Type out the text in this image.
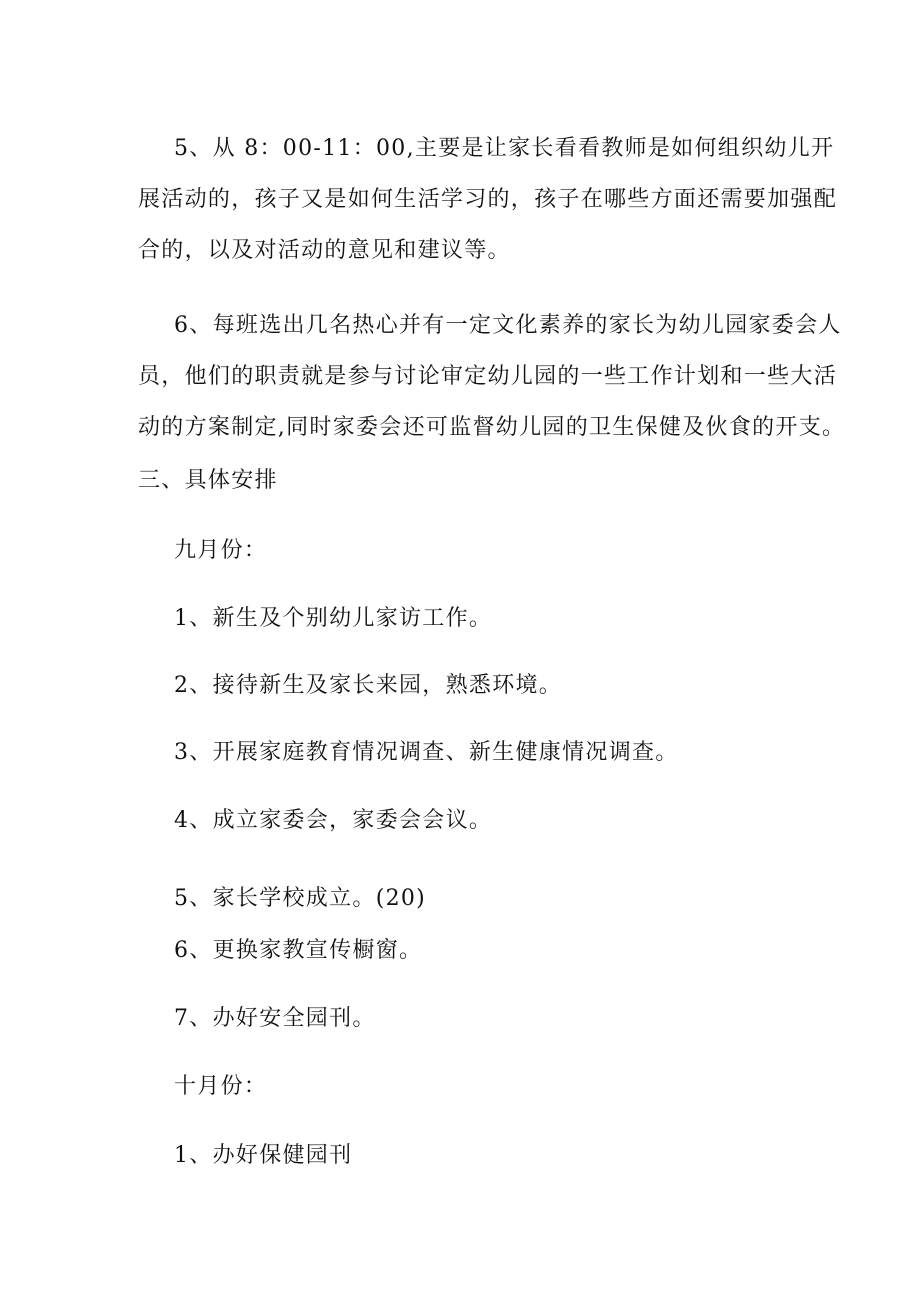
5、从 8：00-11：00,主要是让家长看看教师是如何组织幼儿开
展活动的，孩子又是如何生活学习的，孩子在哪些方面还需要加强配
合的，以及对活动的意见和建议等。
6、每班选出几名热心并有一定文化素养的家长为幼儿园家委会人
员，他们的职责就是参与讨论审定幼儿园的一些工作计划和一些大活
动的方案制定,同时家委会还可监督幼儿园的卫生保健及伙食的开支。

三、具体安排

九月份：

1、新生及个别幼儿家访工作。

2、接待新生及家长来园，熟悉环境。

3、开展家庭教育情况调查、新生健康情况调查。

4、成立家委会，家委会会议。

5、家长学校成立。(20)

6、更换家教宣传橱窗。

7、办好安全园刊。

十月份：

1、办好保健园刊
